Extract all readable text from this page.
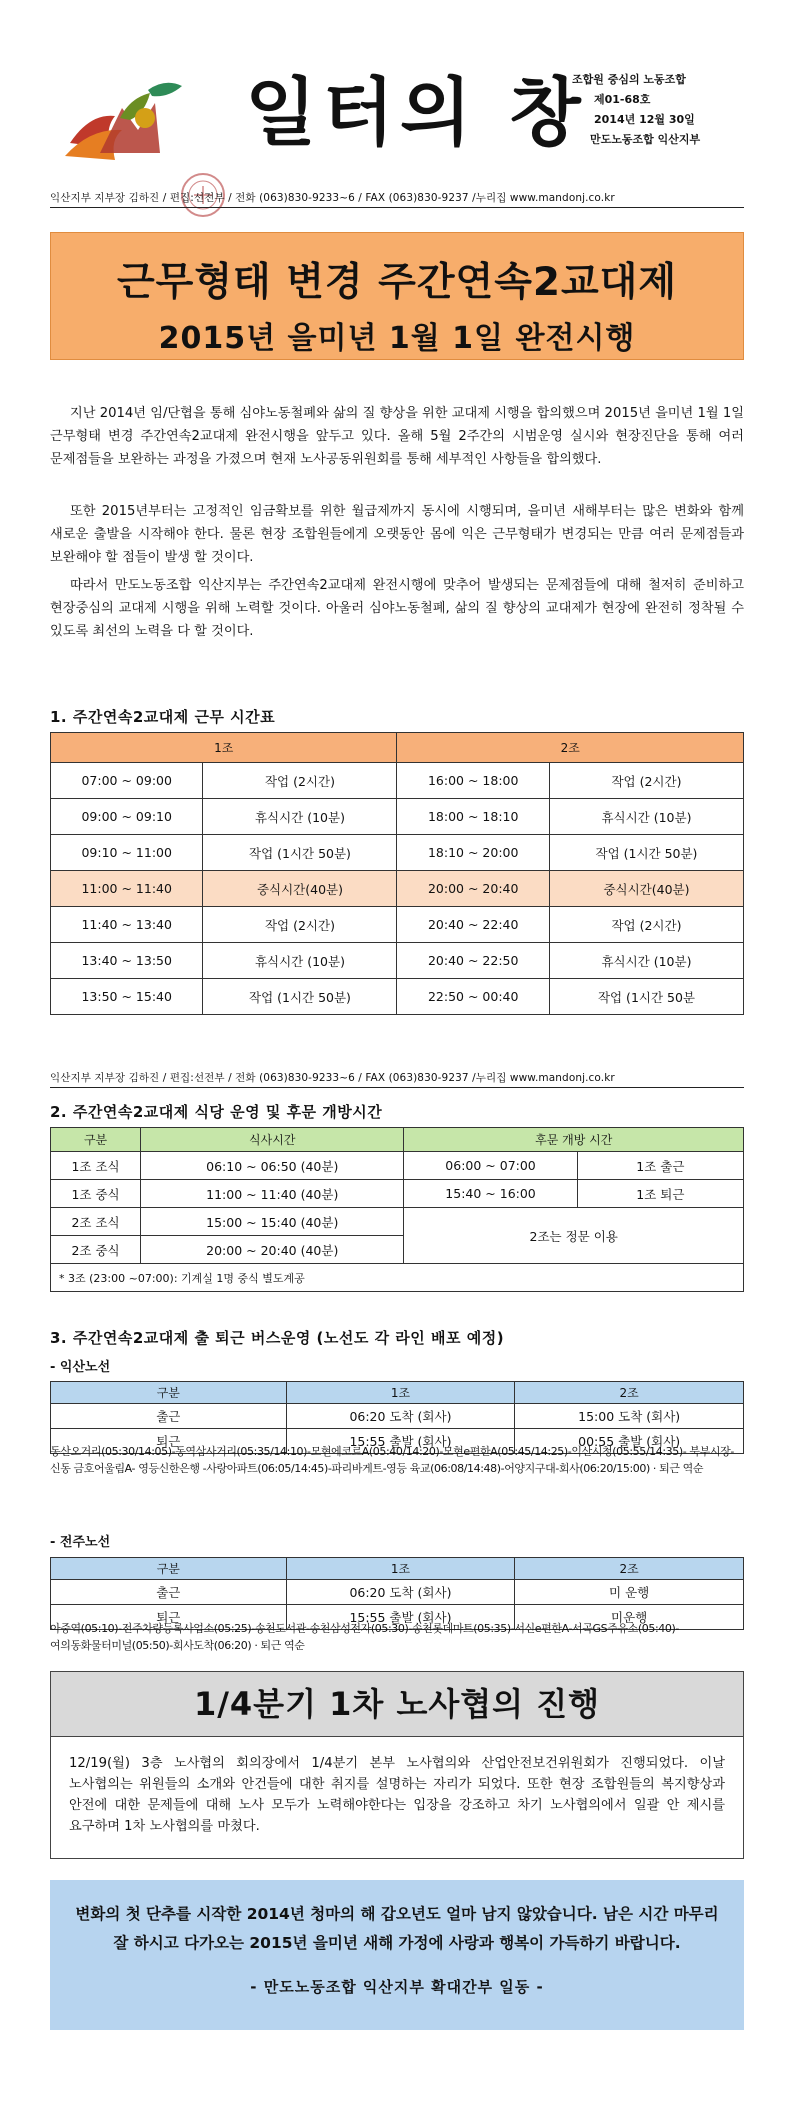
일터의 창
조합원 중심의 노동조합
제01-68호
2014년 12월 30일
만도노동조합 익산지부
익산지부 지부장 김하진 / 편집:선전부 / 전화 (063)830-9233~6 / FAX (063)830-9237 /누리집 www.mandonj.co.kr
근무형태 변경 주간연속2교대제
2015년 을미년 1월 1일 완전시행

지난 2014년 임/단협을 통해 심야노동철폐와 삶의 질 향상을 위한 교대제 시행을 합의했으며 2015년 을미년 1월 1일 근무형태 변경 주간연속2교대제 완전시행을 앞두고 있다. 올해 5월 2주간의 시범운영 실시와 현장진단을 통해 여러 문제점들을 보완하는 과정을 가졌으며 현재 노사공동위원회를 통해 세부적인 사항들을 합의했다.

또한 2015년부터는 고정적인 임금확보를 위한 월급제까지 동시에 시행되며, 을미년 새해부터는 많은 변화와 함께 새로운 출발을 시작해야 한다. 물론 현장 조합원들에게 오랫동안 몸에 익은 근무형태가 변경되는 만큼 여러 문제점들과 보완해야 할 점들이 발생 할 것이다.

따라서 만도노동조합 익산지부는 주간연속2교대제 완전시행에 맞추어 발생되는 문제점들에 대해 철저히 준비하고 현장중심의 교대제 시행을 위해 노력할 것이다. 아울러 심야노동철폐, 삶의 질 향상의 교대제가 현장에 완전히 정착될 수 있도록 최선의 노력을 다 할 것이다.

1. 주간연속2교대제 근무 시간표
1조		2조	
07:00 ~ 09:00	작업 (2시간)	16:00 ~ 18:00	작업 (2시간)
09:00 ~ 09:10	휴식시간 (10분)	18:00 ~ 18:10	휴식시간 (10분)
09:10 ~ 11:00	작업 (1시간 50분)	18:10 ~ 20:00	작업 (1시간 50분)
11:00 ~ 11:40	중식시간(40분)	20:00 ~ 20:40	중식시간(40분)
11:40 ~ 13:40	작업 (2시간)	20:40 ~ 22:40	작업 (2시간)
13:40 ~ 13:50	휴식시간 (10분)	20:40 ~ 22:50	휴식시간 (10분)
13:50 ~ 15:40	작업 (1시간 50분)	22:50 ~ 00:40	작업 (1시간 50분
익산지부 지부장 김하진 / 편집:선전부 / 전화 (063)830-9233~6 / FAX (063)830-9237 /누리집 www.mandonj.co.kr
2. 주간연속2교대제 식당 운영 및 후문 개방시간
구분	식사시간	후문 개방 시간	
1조 조식	06:10 ~ 06:50 (40분)	06:00 ~ 07:00	1조 출근
1조 중식	11:00 ~ 11:40 (40분)	15:40 ~ 16:00	1조 퇴근
2조 조식	15:00 ~ 15:40 (40분)	2조는 정문 이용	
2조 중식	20:00 ~ 20:40 (40분)		
* 3조 (23:00 ~07:00): 기계실 1명 중식 별도계공			
3. 주간연속2교대제 출 퇴근 버스운영 (노선도 각 라인 배포 예정)
- 익산노선
구분	1조	2조
출근	06:20 도착 (회사)	15:00 도착 (회사)
퇴근	15:55 출발 (회사)	00:55 출발 (회사)
동산오거리(05:30/14:05)-동역삼사거리(05:35/14:10)-모현에코르A(05:40/14:20)-모현e편한A(05:45/14:25)-익산시청(05:55/14:35)- 북부시장-신동 금호어울림A- 영등신한은행 -사랑아파트(06:05/14:45)-파리바게트-영등 육교(06:08/14:48)-어양지구대-회사(06:20/15:00) · 퇴근 역순
- 전주노선
구분	1조	2조
출근	06:20 도착 (회사)	미 운행
퇴근	15:55 출발 (회사)	미운행
아중역(05:10)-전주차량등록사업소(05:25)-송천도서관-송천삼성전자(05:30)-송천롯데마트(05:35)-서신e편한A-서곡GS주유소(05:40)-여의동화물터미널(05:50)-회사도착(06:20) · 퇴근 역순
1/4분기 1차 노사협의 진행
12/19(월) 3층 노사협의 회의장에서 1/4분기 본부 노사협의와 산업안전보건위원회가 진행되었다. 이날 노사협의는 위원들의 소개와 안건들에 대한 취지를 설명하는 자리가 되었다. 또한 현장 조합원들의 복지향상과 안전에 대한 문제들에 대해 노사 모두가 노력해야한다는 입장을 강조하고 차기 노사협의에서 일괄 안 제시를 요구하며 1차 노사협의를 마쳤다.
변화의 첫 단추를 시작한 2014년 청마의 해 갑오년도 얼마 남지 않았습니다. 남은 시간 마무리 잘 하시고 다가오는 2015년 을미년 새해 가정에 사랑과 행복이 가득하기 바랍니다.
- 만도노동조합 익산지부 확대간부 일동 -
